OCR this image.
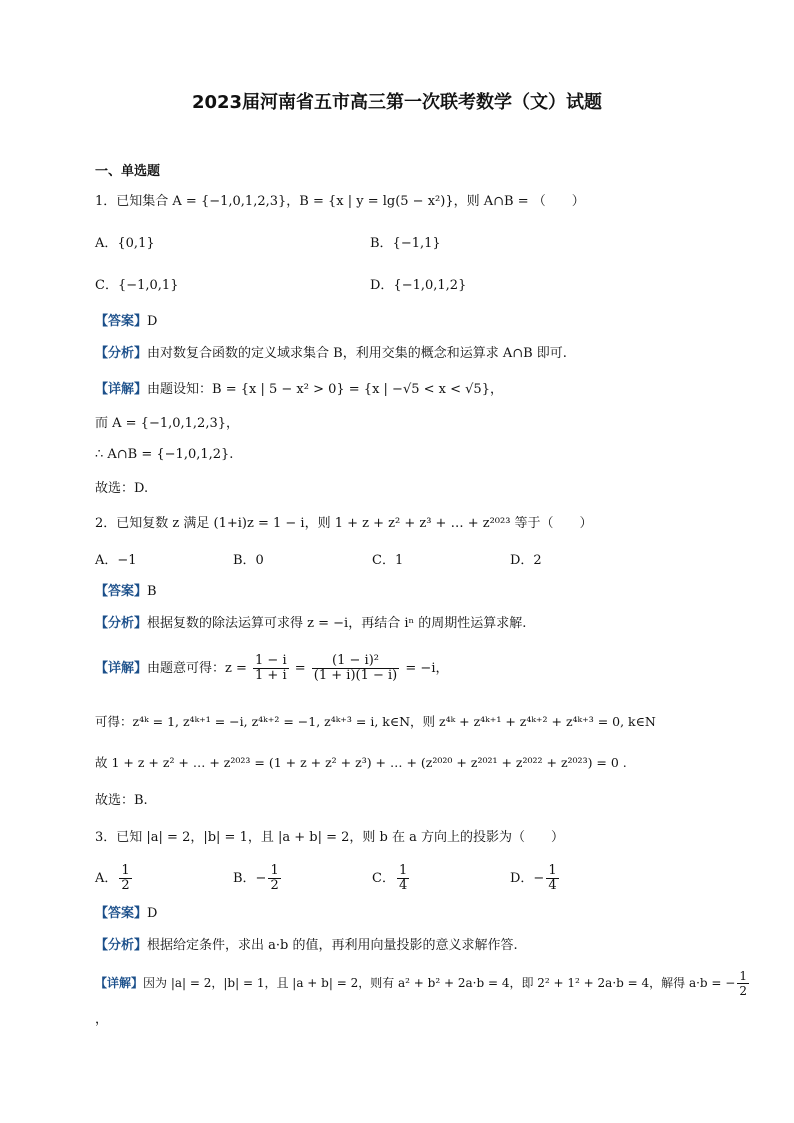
2023届河南省五市高三第一次联考数学（文）试题
一、单选题
1．已知集合 A = {−1,0,1,2,3}，B = {x | y = lg(5 − x²)}，则 A∩B = （　　）
A．{0,1}	B．{−1,1}
C．{−1,0,1}	D．{−1,0,1,2}
【答案】D
【分析】由对数复合函数的定义域求集合 B，利用交集的概念和运算求 A∩B 即可.
【详解】由题设知：B = {x | 5 − x² > 0} = {x | −√5 < x < √5}，
而 A = {−1,0,1,2,3}，
∴ A∩B = {−1,0,1,2}.
故选：D.
2．已知复数 z 满足 (1+i)z = 1 − i，则 1 + z + z² + z³ + … + z²⁰²³ 等于（　　）
A．−1	B．0	C．1	D．2
【答案】B
【分析】根据复数的除法运算可求得 z = −i，再结合 iⁿ 的周期性运算求解.
【详解】由题意可得：$z = \frac{1 - i}{1 + i} = \frac{\text{(1 − i)²}}{(1 + i)(1 - i)} = -i$，
可得：z⁴ᵏ = 1, z⁴ᵏ⁺¹ = −i, z⁴ᵏ⁺² = −1, z⁴ᵏ⁺³ = i, k∈N，则 z⁴ᵏ + z⁴ᵏ⁺¹ + z⁴ᵏ⁺² + z⁴ᵏ⁺³ = 0, k∈N
故 1 + z + z² + … + z²⁰²³ = (1 + z + z² + z³) + … + (z²⁰²⁰ + z²⁰²¹ + z²⁰²² + z²⁰²³) = 0 .
故选：B.
3．已知 |a| = 2，|b| = 1，且 |a + b| = 2，则 b 在 a 方向上的投影为（　　）
A． $\frac{1}{2}$	B．− $\frac{1}{2}$	C． $\frac{1}{4}$	D．− $\frac{1}{4}$
【答案】D
【分析】根据给定条件，求出 a·b 的值，再利用向量投影的意义求解作答.
【详解】因为 |a| = 2，|b| = 1，且 |a + b| = 2，则有 a² + b² + 2a·b = 4，即 2² + 1² + 2a·b = 4，解得 a·b = − $\frac{1}{2}$
，
